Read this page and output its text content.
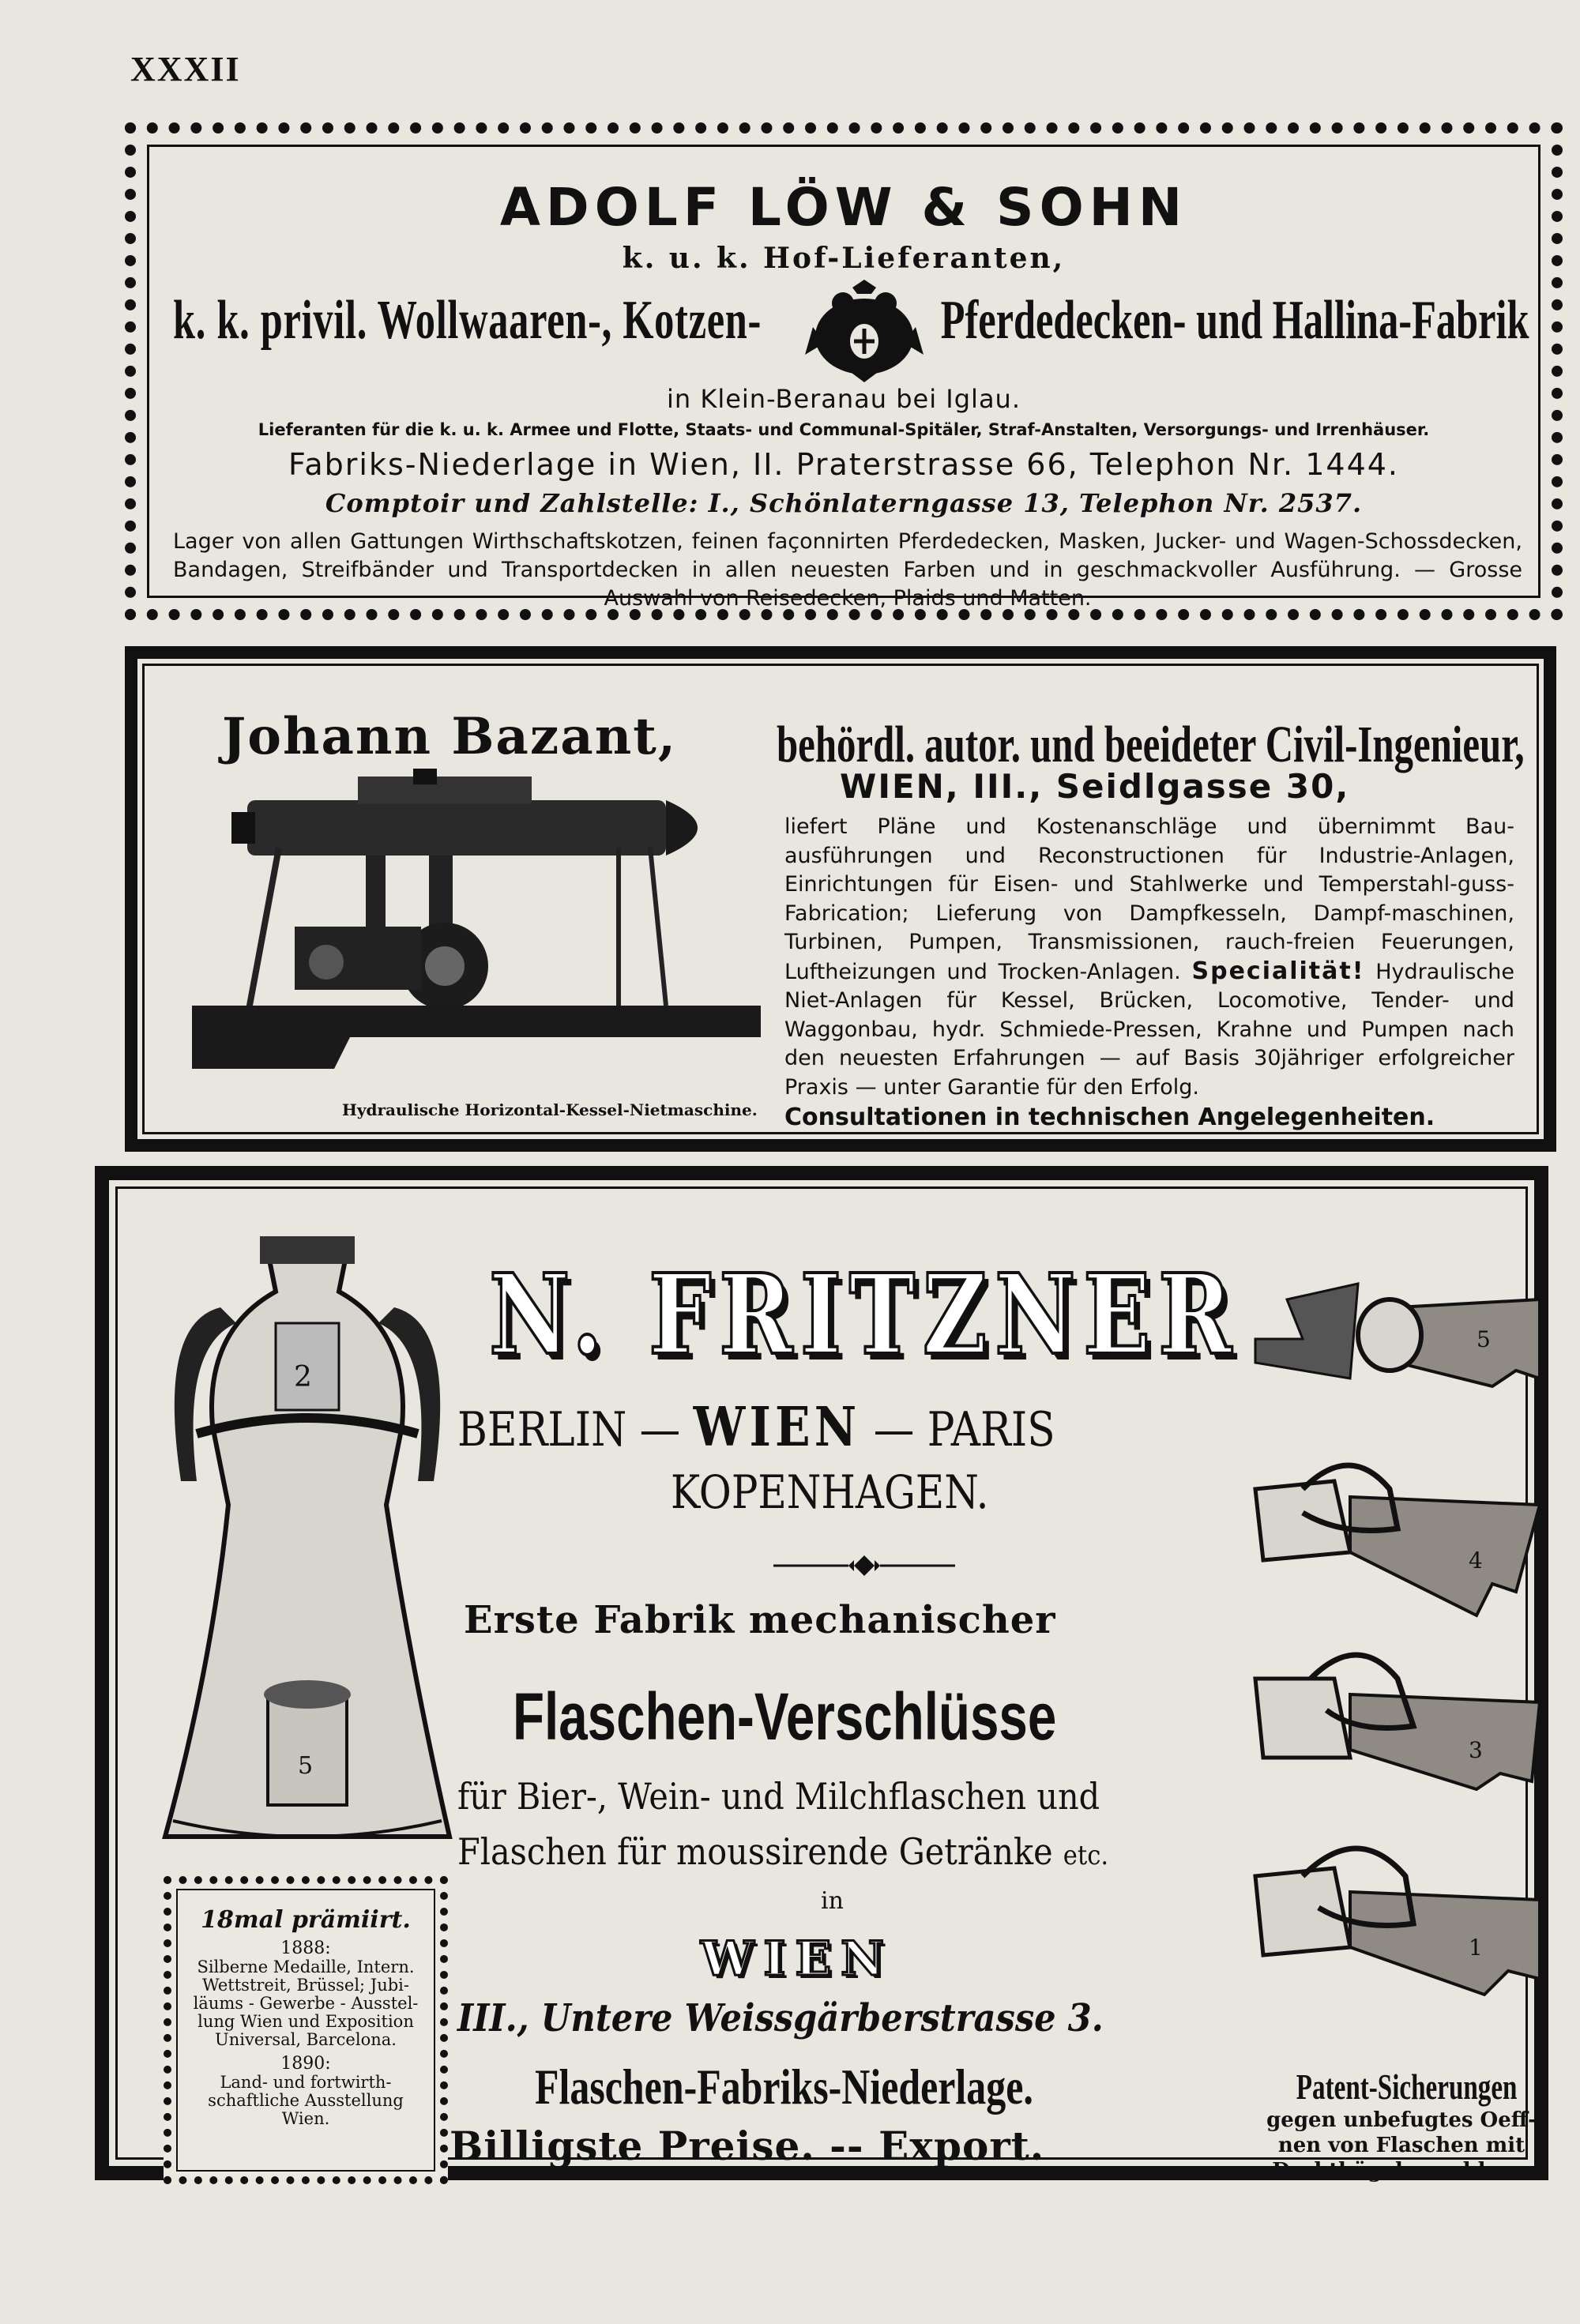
XXXII
ADOLF LÖW & SOHN
k. u. k. Hof-Lieferanten,
k. k. privil. Wollwaaren-, Kotzen-	Pferdedecken- und Hallina-Fabrik
in Klein-Beranau bei Iglau.
Lieferanten für die k. u. k. Armee und Flotte, Staats- und Communal-Spitäler, Straf-Anstalten, Versorgungs- und Irrenhäuser.
Fabriks-Niederlage in Wien, II. Praterstrasse 66, Telephon Nr. 1444.
Comptoir und Zahlstelle: I., Schönlaterngasse 13, Telephon Nr. 2537.
Lager von allen Gattungen Wirthschaftskotzen, feinen façonnirten Pferdedecken, Masken, Jucker- und Wagen-Schossdecken, Bandagen, Streifbänder und Transportdecken in allen neuesten Farben und in geschmackvoller Ausführung. — Grosse Auswahl von Reisedecken, Plaids und Matten.
Johann Bazant, behördl. autor. und beeideter Civil-Ingenieur,
WIEN, III., Seidlgasse 30,
Hydraulische Horizontal-Kessel-Nietmaschine.
liefert Pläne und Kostenanschläge und übernimmt Bau-ausführungen und Reconstructionen für Industrie-Anlagen, Einrichtungen für Eisen- und Stahlwerke und Temperstahl-guss-Fabrication; Lieferung von Dampfkesseln, Dampf-maschinen, Turbinen, Pumpen, Transmissionen, rauch-freien Feuerungen, Luftheizungen und Trocken-Anlagen. Specialität! Hydraulische Niet-Anlagen für Kessel, Brücken, Locomotive, Tender- und Waggonbau, hydr. Schmiede-Pressen, Krahne und Pumpen nach den neuesten Erfahrungen — auf Basis 30jähriger erfolgreicher Praxis — unter Garantie für den Erfolg.
Consultationen in technischen Angelegenheiten.
2
5
N. FRITZNER
BERLIN — WIEN — PARIS
KOPENHAGEN.
Erste Fabrik mechanischer
Flaschen-Verschlüsse
für Bier-, Wein- und Milchflaschen und
Flaschen für moussirende Getränke etc.
in
WIEN
III., Untere Weissgärberstrasse 3.
Flaschen-Fabriks-Niederlage.
Billigste Preise. -- Export.
18mal prämiirt.
1888:
Silberne Medaille, Intern.
Wettstreit, Brüssel; Jubi-
läums - Gewerbe - Ausstel-
lung Wien und Exposition
Universal, Barcelona.
1890:
Land- und fortwirth-
schaftliche Ausstellung
Wien.
5
4
3
1
Patent-Sicherungen
gegen unbefugtes Oeff-
nen von Flaschen mit
Drahtbügelverschluss.
